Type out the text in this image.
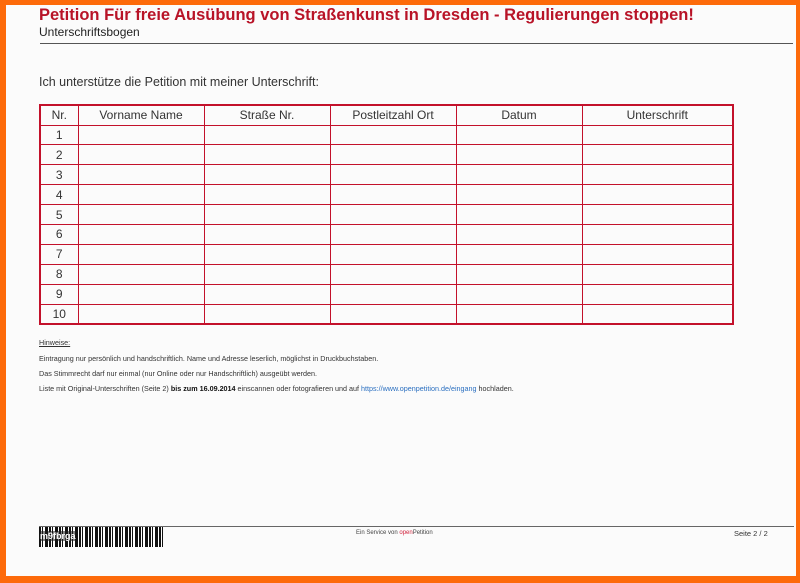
Petition Für freie Ausübung von Straßenkunst in Dresden - Regulierungen stoppen!
Unterschriftsbogen
Ich unterstütze die Petition mit meiner Unterschrift:
Nr.	Vorname Name	Straße Nr.	Postleitzahl Ort	Datum	Unterschrift
1					
2					
3					
4					
5					
6					
7					
8					
9					
10					
Hinweise:

Eintragung nur persönlich und handschriftlich. Name und Adresse leserlich, möglichst in Druckbuchstaben.

Das Stimmrecht darf nur einmal (nur Online oder nur Handschriftlich) ausgeübt werden.

Liste mit Original-Unterschriften (Seite 2) bis zum 16.09.2014 einscannen oder fotografieren und auf https://www.openpetition.de/eingang hochladen.

m9fbrga	Ein Service von openPetition	Seite 2 / 2
